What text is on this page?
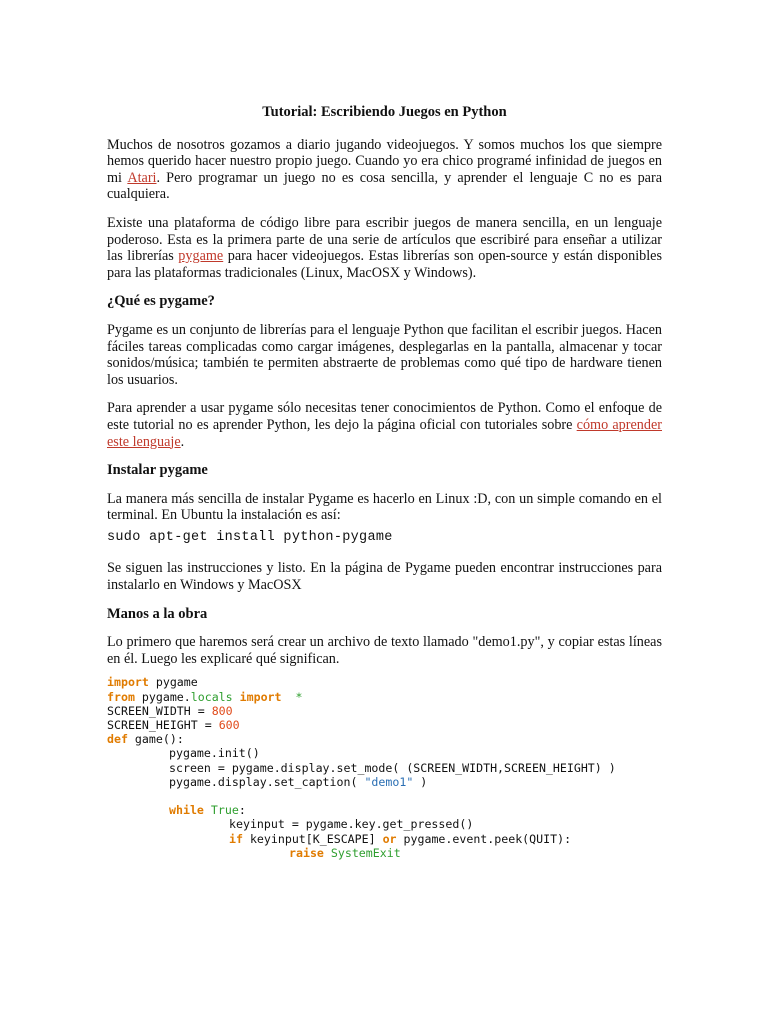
Tutorial: Escribiendo Juegos en Python

Muchos de nosotros gozamos a diario jugando videojuegos. Y somos muchos los que siempre hemos querido hacer nuestro propio juego. Cuando yo era chico programé infinidad de juegos en mi Atari. Pero programar un juego no es cosa sencilla, y aprender el lenguaje C no es para cualquiera.

Existe una plataforma de código libre para escribir juegos de manera sencilla, en un lenguaje poderoso. Esta es la primera parte de una serie de artículos que escribiré para enseñar a utilizar las librerías pygame para hacer videojuegos. Estas librerías son open-source y están disponibles para las plataformas tradicionales (Linux, MacOSX y Windows).

¿Qué es pygame?

Pygame es un conjunto de librerías para el lenguaje Python que facilitan el escribir juegos. Hacen fáciles tareas complicadas como cargar imágenes, desplegarlas en la pantalla, almacenar y tocar sonidos/música; también te permiten abstraerte de problemas como qué tipo de hardware tienen los usuarios.

Para aprender a usar pygame sólo necesitas tener conocimientos de Python. Como el enfoque de este tutorial no es aprender Python, les dejo la página oficial con tutoriales sobre cómo aprender este lenguaje.

Instalar pygame

La manera más sencilla de instalar Pygame es hacerlo en Linux :D, con un simple comando en el terminal. En Ubuntu la instalación es así:

sudo apt-get install python-pygame

Se siguen las instrucciones y listo. En la página de Pygame pueden encontrar instrucciones para instalarlo en Windows y MacOSX

Manos a la obra

Lo primero que haremos será crear un archivo de texto llamado "demo1.py", y copiar estas líneas en él. Luego les explicaré qué significan.

import pygame
from pygame.locals import  *
SCREEN_WIDTH = 800
SCREEN_HEIGHT = 600
def game():
pygame.init()
screen = pygame.display.set_mode( (SCREEN_WIDTH,SCREEN_HEIGHT) )
pygame.display.set_caption( "demo1" )

while True:
keyinput = pygame.key.get_pressed()
if keyinput[K_ESCAPE] or pygame.event.peek(QUIT):
raise SystemExit
